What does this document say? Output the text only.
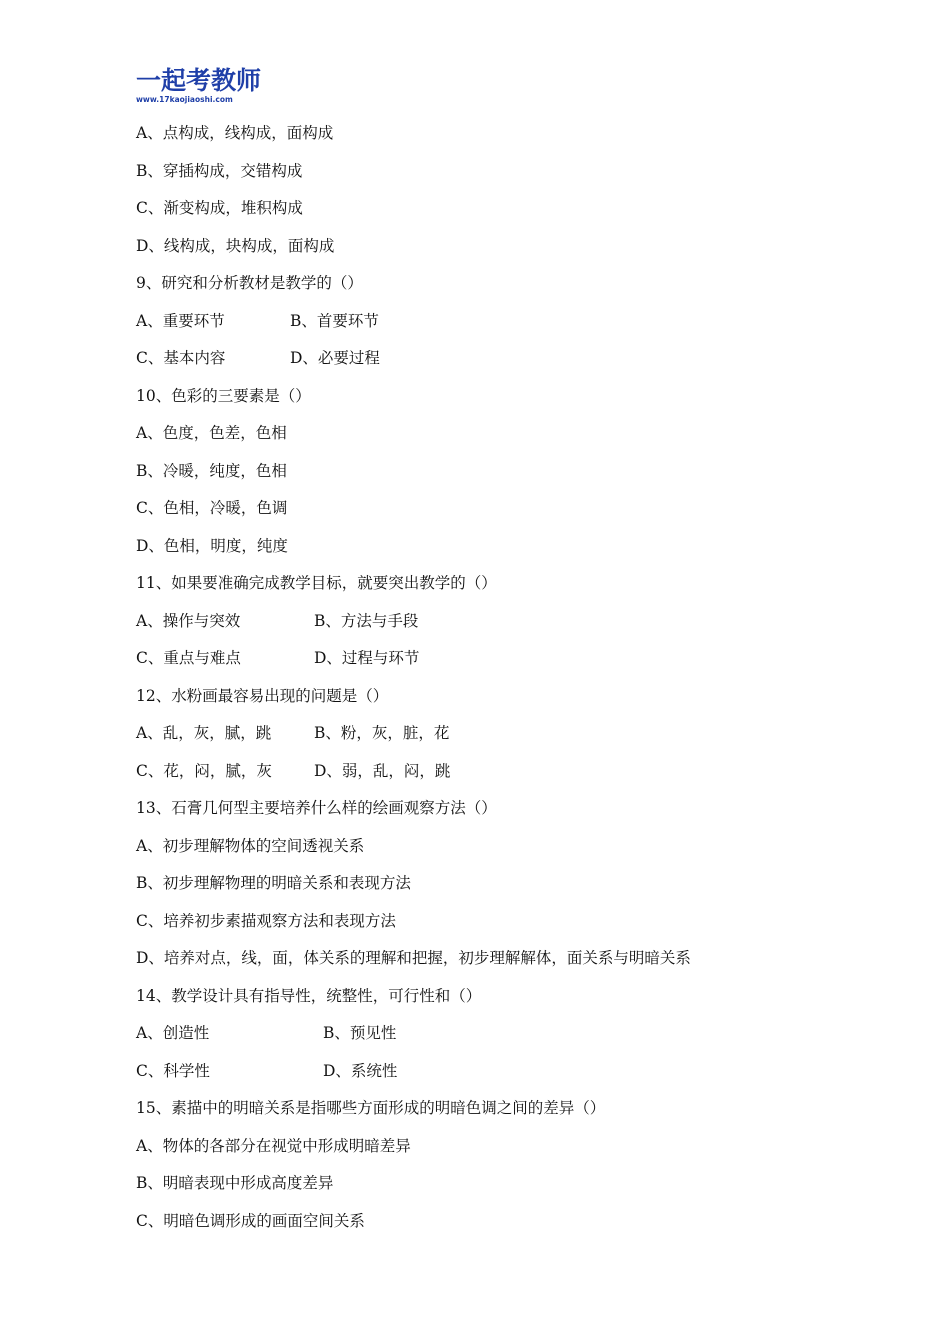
一起考教师
www.17kaojiaoshi.com
A、点构成，线构成，面构成
B、穿插构成，交错构成
C、渐变构成，堆积构成
D、线构成，块构成，面构成
9、研究和分析教材是教学的（）
A、重要环节	B、首要环节
C、基本内容	D、必要过程
10、色彩的三要素是（）
A、色度，色差，色相
B、冷暖，纯度，色相
C、色相，冷暖，色调
D、色相，明度，纯度
11、如果要准确完成教学目标，就要突出教学的（）
A、操作与突效	B、方法与手段
C、重点与难点	D、过程与环节
12、水粉画最容易出现的问题是（）
A、乱，灰，腻，跳	B、粉，灰，脏，花
C、花，闷，腻，灰	D、弱，乱，闷，跳
13、石膏几何型主要培养什么样的绘画观察方法（）
A、初步理解物体的空间透视关系
B、初步理解物理的明暗关系和表现方法
C、培养初步素描观察方法和表现方法
D、培养对点，线，面，体关系的理解和把握，初步理解解体，面关系与明暗关系
14、教学设计具有指导性，统整性，可行性和（）
A、创造性	B、预见性
C、科学性	D、系统性
15、素描中的明暗关系是指哪些方面形成的明暗色调之间的差异（）
A、物体的各部分在视觉中形成明暗差异
B、明暗表现中形成高度差异
C、明暗色调形成的画面空间关系
